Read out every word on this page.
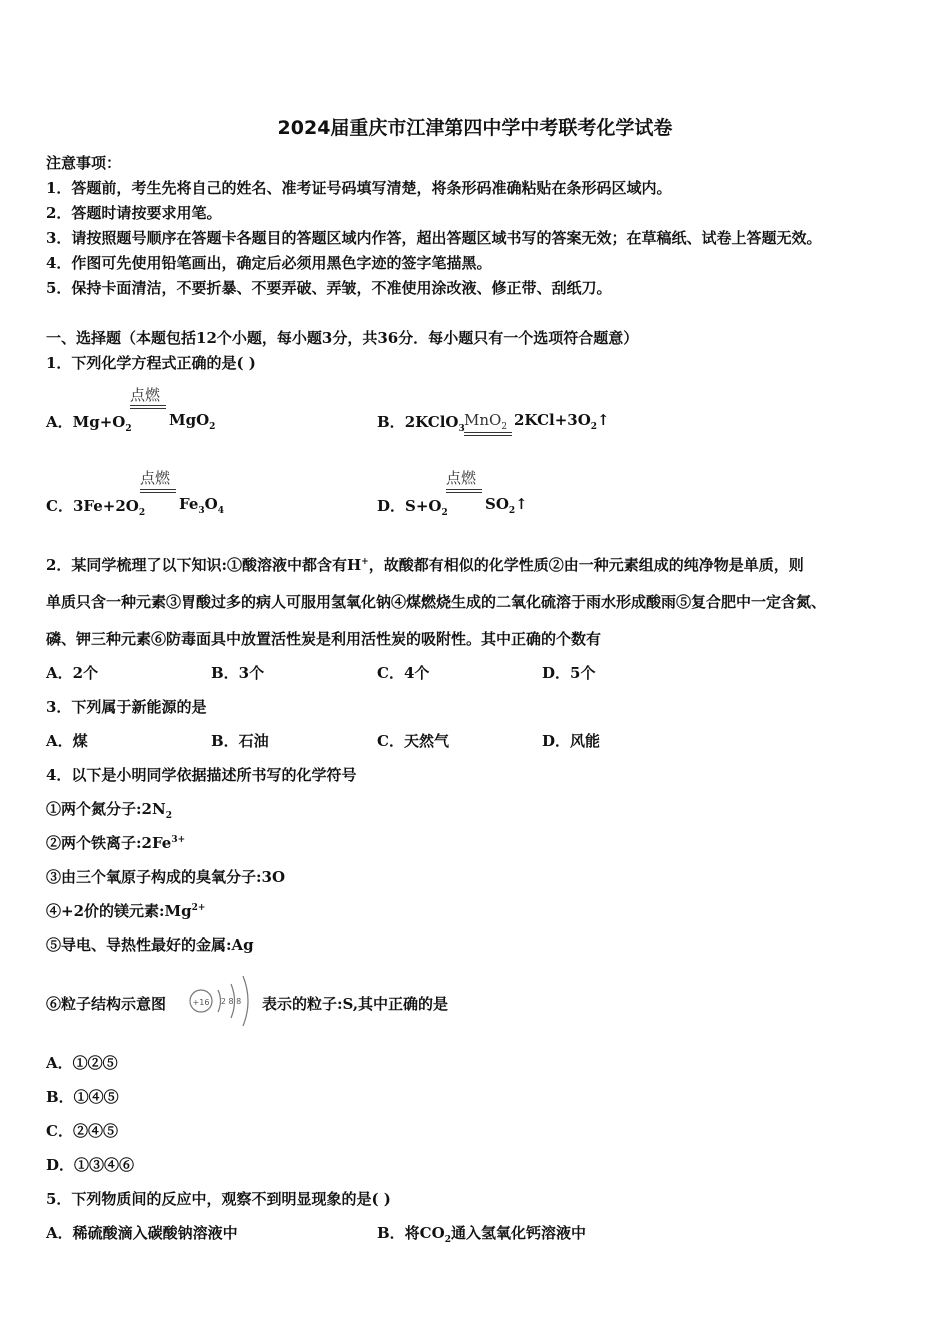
2024届重庆市江津第四中学中考联考化学试卷
注意事项：
1．答题前，考生先将自己的姓名、准考证号码填写清楚，将条形码准确粘贴在条形码区域内。
2．答题时请按要求用笔。
3．请按照题号顺序在答题卡各题目的答题区域内作答，超出答题区域书写的答案无效；在草稿纸、试卷上答题无效。
4．作图可先使用铅笔画出，确定后必须用黑色字迹的签字笔描黑。
5．保持卡面清洁，不要折暴、不要弄破、弄皱，不准使用涂改液、修正带、刮纸刀。
一、选择题（本题包括12个小题，每小题3分，共36分．每小题只有一个选项符合题意）
1．下列化学方程式正确的是( )
A．$Mg+O_2$
点燃
MgO$_2$	B．2KClO$_3$ MnO$_2$ $2KCl+3O_2↑$
C．$3Fe+2O_2$
点燃
$Fe_3O_4$	D．$S+O_2$
点燃
$SO_2↑$
2．某同学梳理了以下知识:①酸溶液中都含有H+，故酸都有相似的化学性质②由一种元素组成的纯净物是单质，则
单质只含一种元素③胃酸过多的病人可服用氢氧化钠④煤燃烧生成的二氧化硫溶于雨水形成酸雨⑤复合肥中一定含氮、
磷、钾三种元素⑥防毒面具中放置活性炭是利用活性炭的吸附性。其中正确的个数有
A．2个	B．3个	C．4个	D．5个
3．下列属于新能源的是
A．煤	B．石油	C．天然气	D．风能
4．以下是小明同学依据描述所书写的化学符号
①两个氮分子$:2N_2$
②两个铁离子$:2Fe^{3+}$
③由三个氧原子构成的臭氧分子:3O
④+2价的镁元素$:Mg^{2+}$
⑤导电、导热性最好的金属:Ag
⑥粒子结构示意图	+16 2 8 8 表示的粒子:S,其中正确的是
A．①②⑤
B．①④⑤
C．②④⑤
D．①③④⑥
5．下列物质间的反应中，观察不到明显现象的是( )
A．稀硫酸滴入碳酸钠溶液中	B．将$CO_2$通入氢氧化钙溶液中
